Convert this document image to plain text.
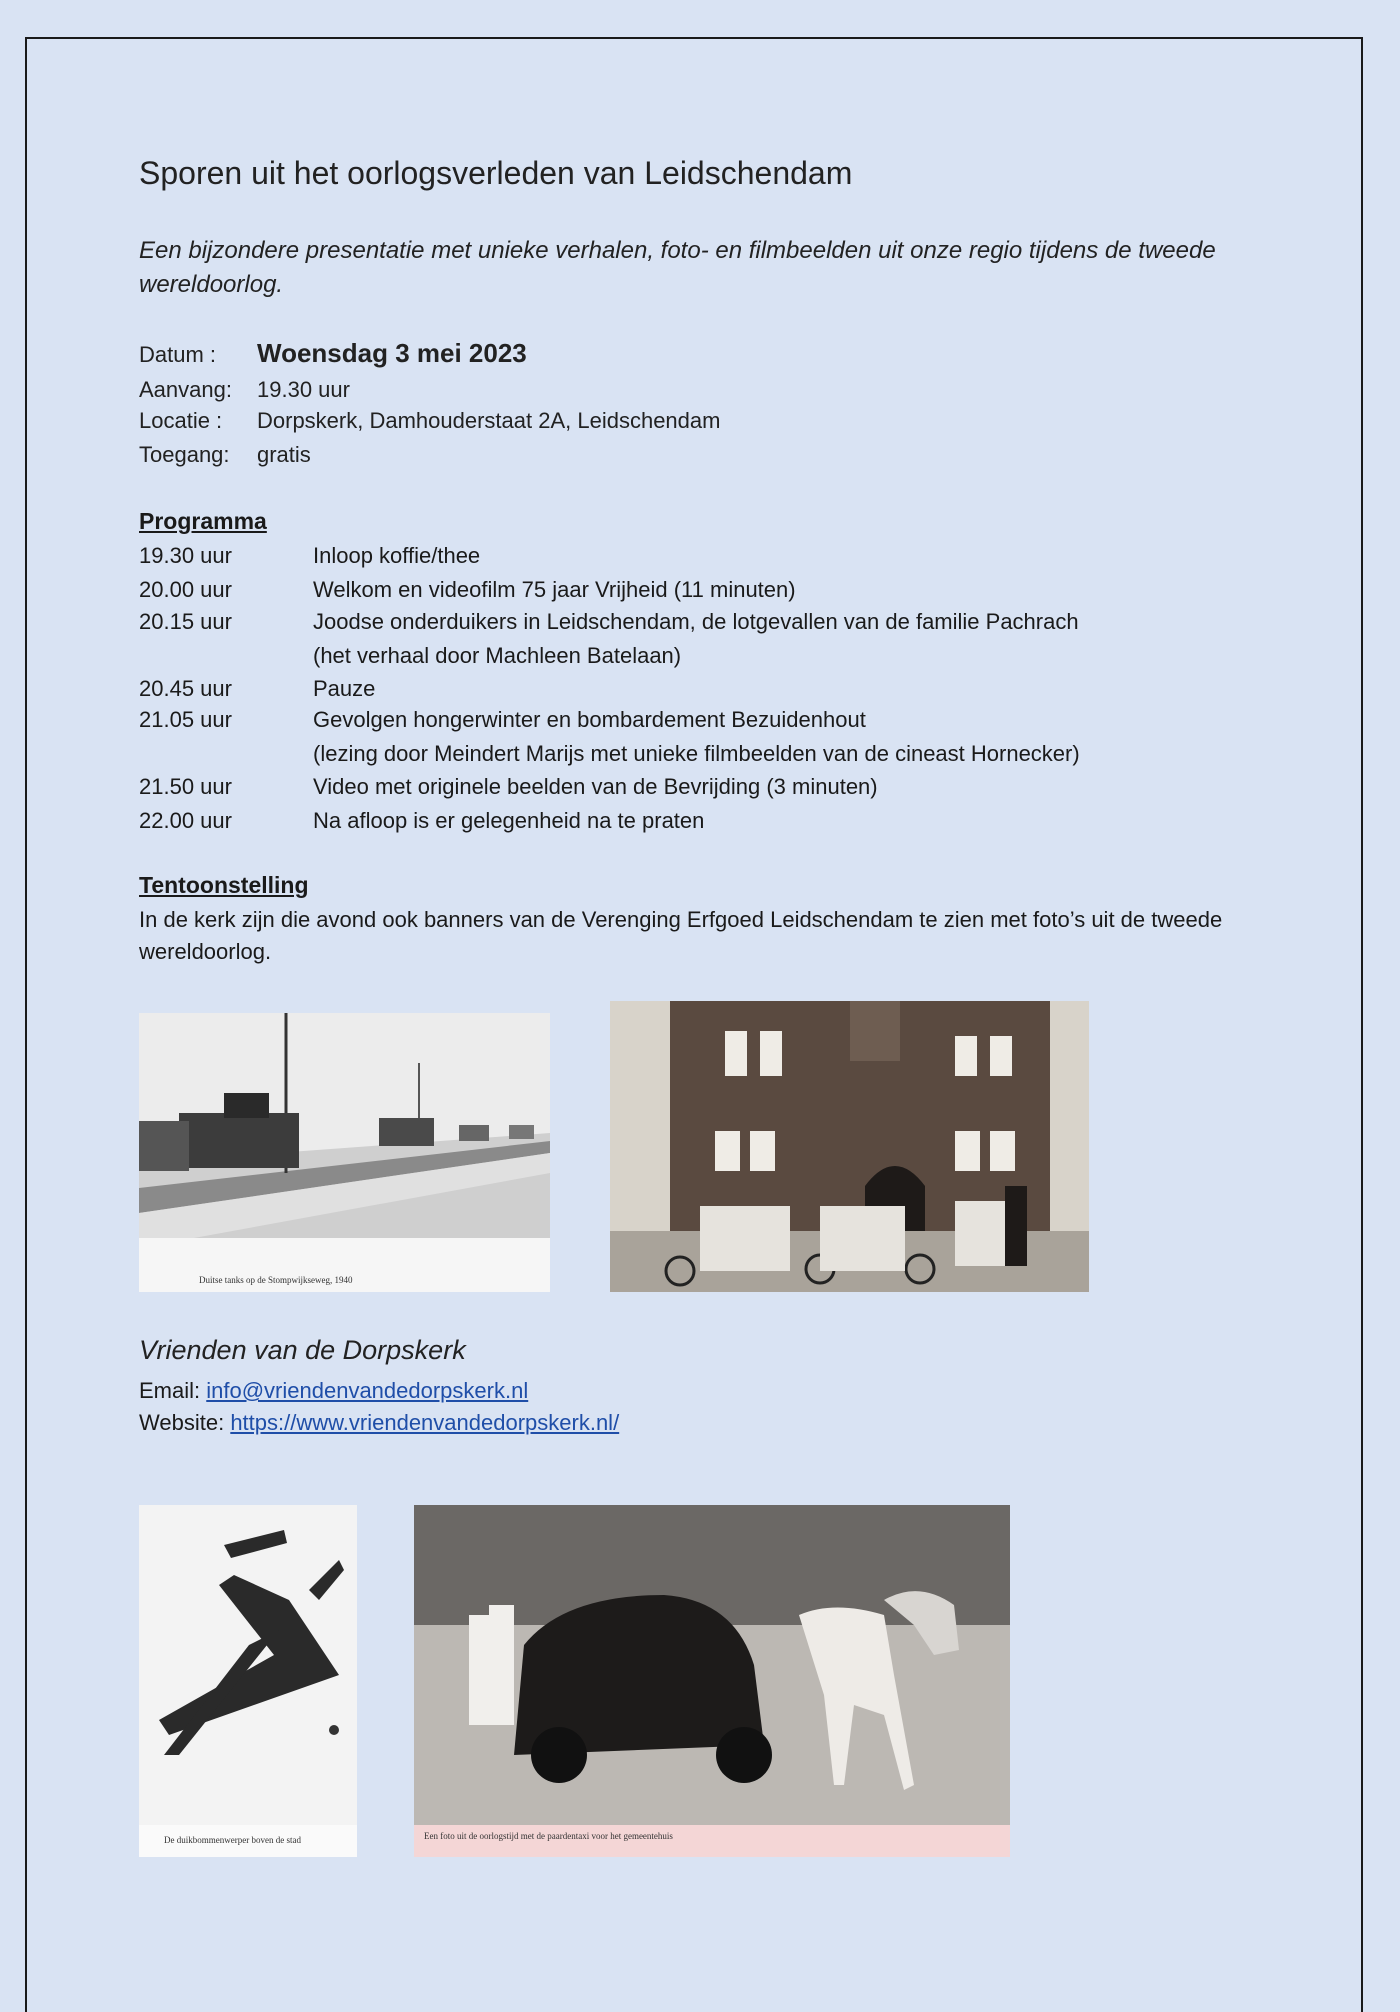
Sporen uit het oorlogsverleden van Leidschendam
Een bijzondere presentatie met unieke verhalen, foto- en filmbeelden uit onze regio tijdens de tweede wereldoorlog.
Datum : Woensdag 3 mei 2023
Aanvang: 19.30 uur
Locatie : Dorpskerk, Damhouderstaat 2A, Leidschendam
Toegang: gratis
Programma
19.30 uur	Inloop koffie/thee
20.00 uur	Welkom en videofilm 75 jaar Vrijheid (11 minuten)
20.15 uur	Joodse onderduikers in Leidschendam, de lotgevallen van de familie Pachrach
(het verhaal door Machleen Batelaan)
20.45 uur	Pauze
21.05 uur	Gevolgen hongerwinter en bombardement Bezuidenhout
(lezing door Meindert Marijs met unieke filmbeelden van de cineast Hornecker)
21.50 uur	Video met originele beelden van de Bevrijding (3 minuten)
22.00 uur	Na afloop is er gelegenheid na te praten
Tentoonstelling
In de kerk zijn die avond ook banners van de Verenging Erfgoed Leidschendam te zien met foto’s uit de tweede wereldoorlog.
Duitse tanks op de Stompwijkseweg, 1940
Vrienden van de Dorpskerk
Email: info@vriendenvandedorpskerk.nl
Website: https://www.vriendenvandedorpskerk.nl/
De duikbommenwerper boven de stad	Een foto uit de oorlogstijd met de paardentaxi voor het gemeentehuis
